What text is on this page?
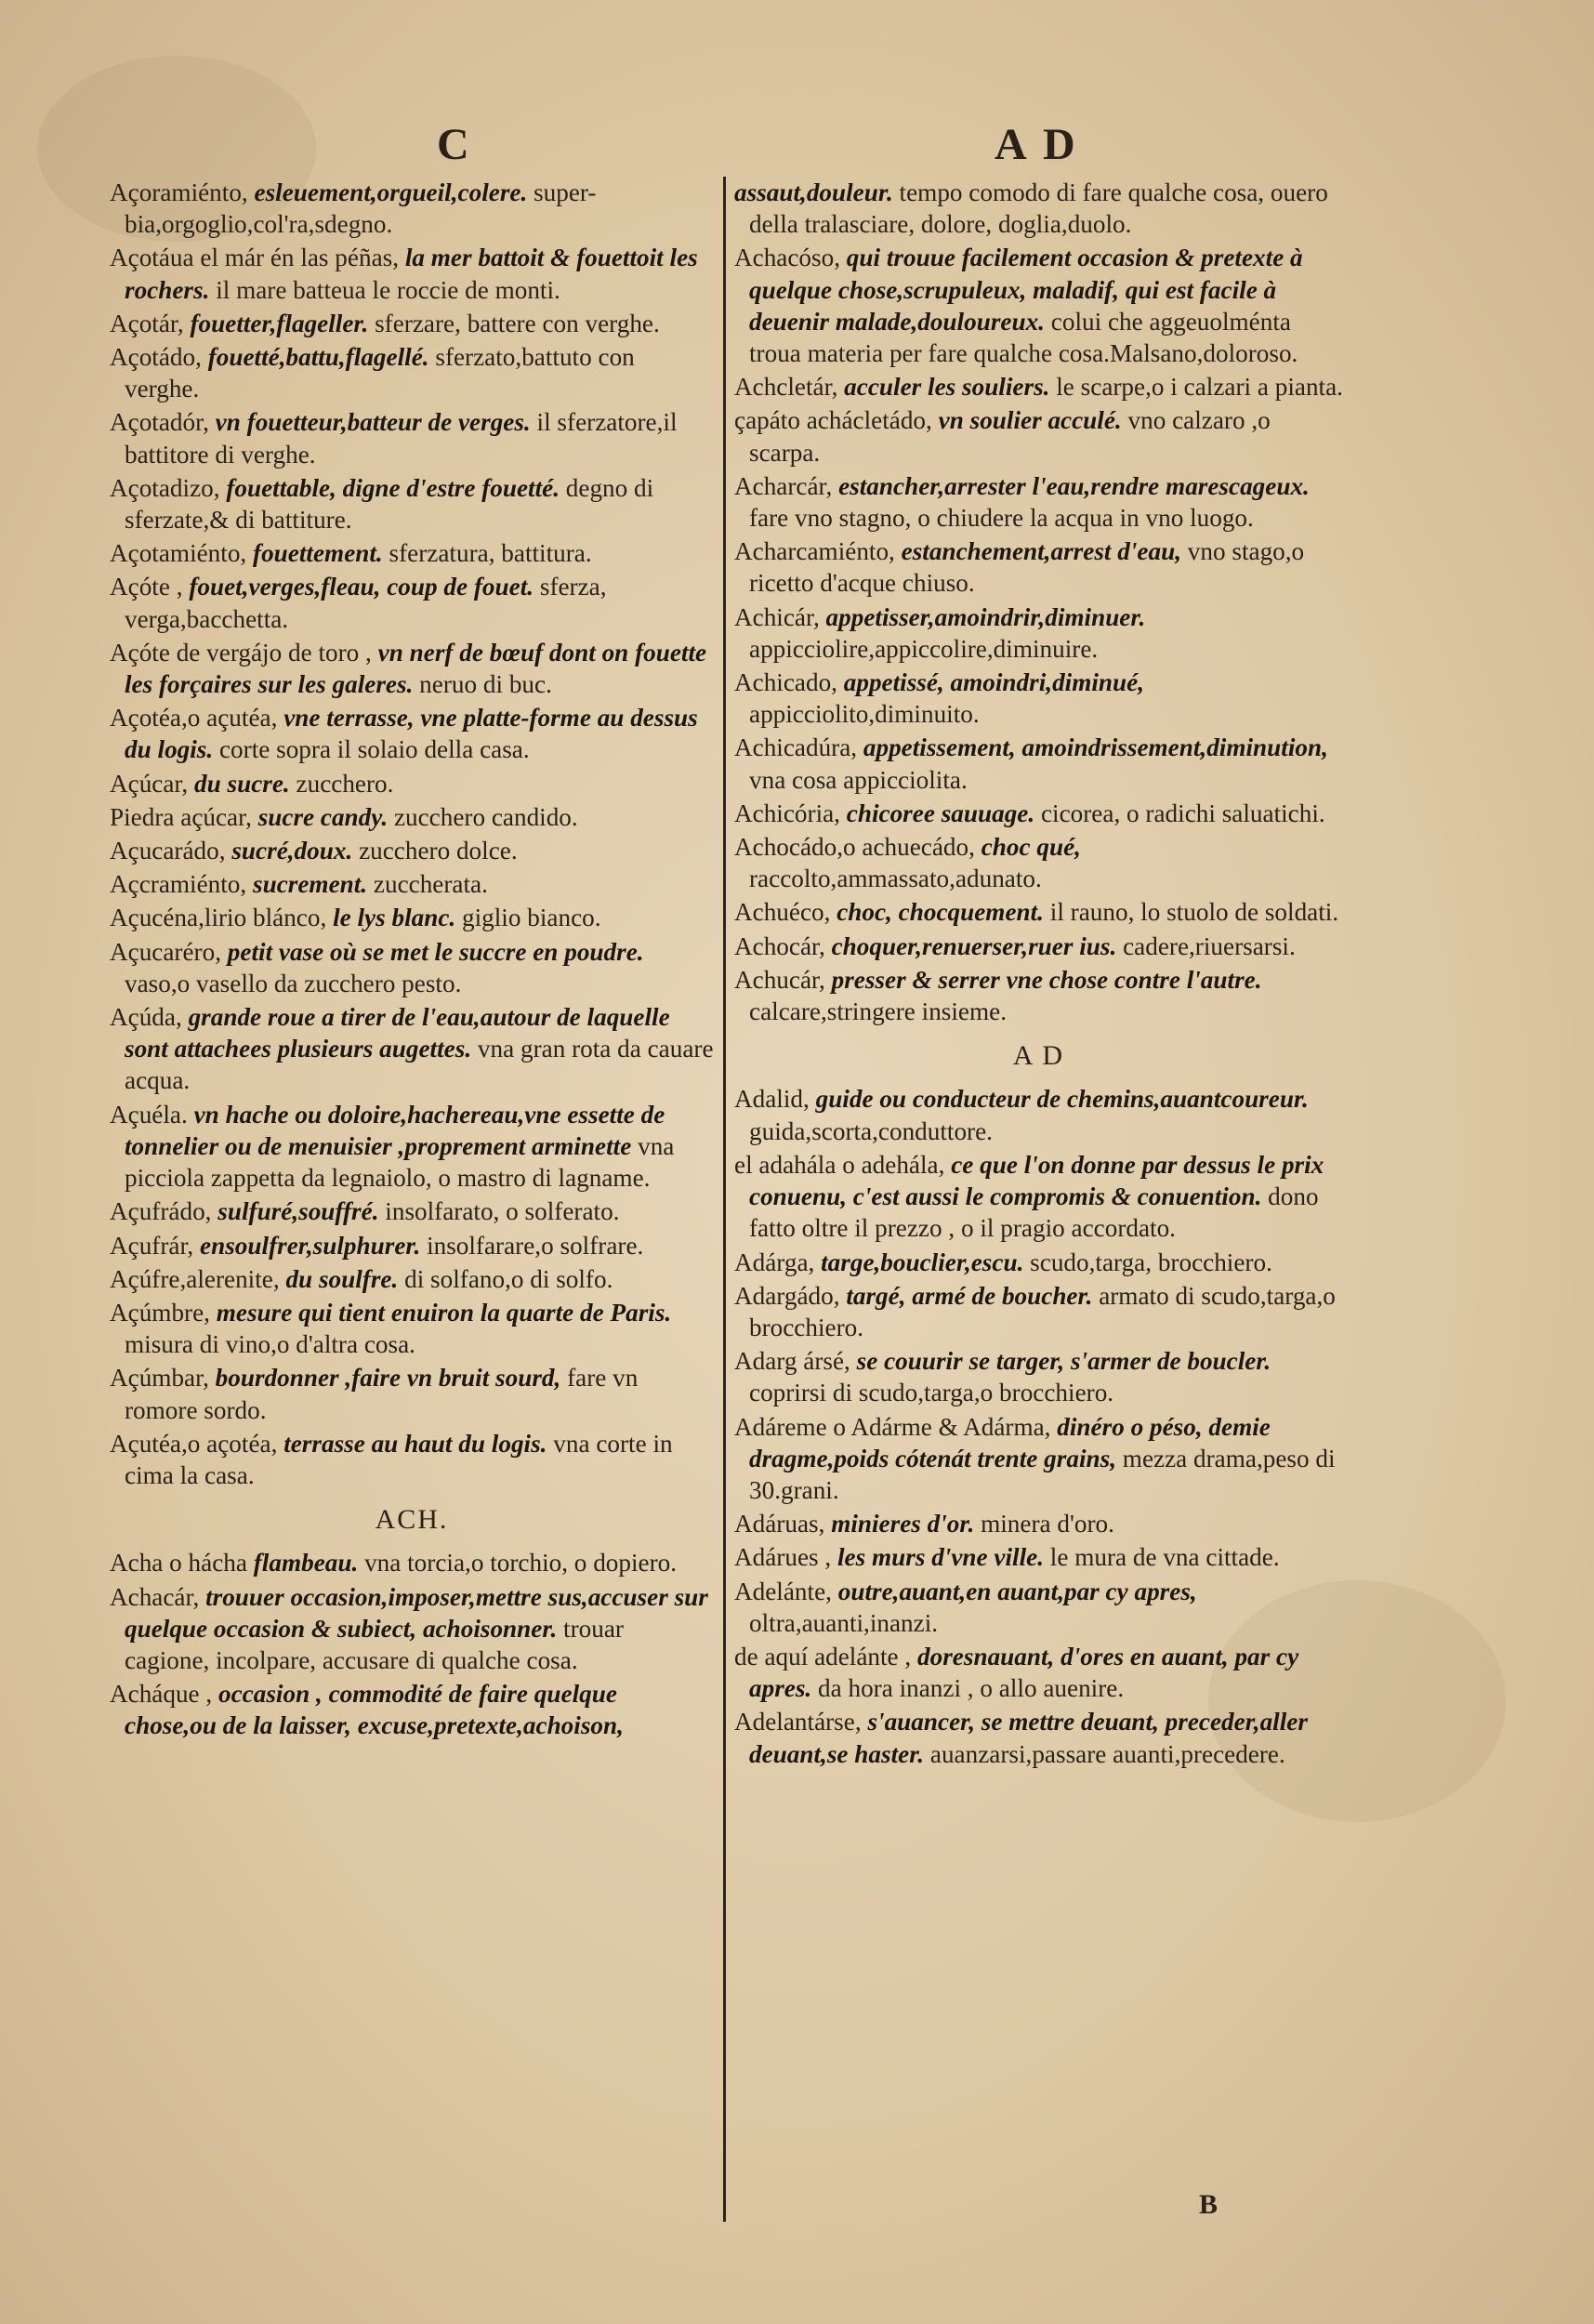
C	A D
Açoramiénto, esleuement,orgueil,colere. super-bia,orgoglio,col'ra,sdegno.
Açotáua el már én las péñas, la mer battoit & fouettoit les rochers. il mare batteua le roccie de monti.
Açotár, fouetter,flageller. sferzare, battere con verghe.
Açotádo, fouetté,battu,flagellé. sferzato,battuto con verghe.
Açotadór, vn fouetteur,batteur de verges. il sferzatore,il battitore di verghe.
Açotadizo, fouettable, digne d'estre fouetté. degno di sferzate,& di battiture.
Açotamiénto, fouettement. sferzatura, battitura.
Açóte , fouet,verges,fleau, coup de fouet. sferza, verga,bacchetta.
Açóte de vergájo de toro , vn nerf de bœuf dont on fouette les forçaires sur les galeres. neruo di buc.
Açotéa,o açutéa, vne terrasse, vne platte-forme au dessus du logis. corte sopra il solaio della casa.
Açúcar, du sucre. zucchero.
Piedra açúcar, sucre candy. zucchero candido.
Açucarádo, sucré,doux. zucchero dolce.
Açcramiénto, sucrement. zuccherata.
Açucéna,lirio blánco, le lys blanc. giglio bianco.
Açucaréro, petit vase où se met le succre en poudre. vaso,o vasello da zucchero pesto.
Açúda, grande roue a tirer de l'eau,autour de laquelle sont attachees plusieurs augettes. vna gran rota da cauare acqua.
Açuéla. vn hache ou doloire,hachereau,vne essette de tonnelier ou de menuisier ,proprement arminette vna picciola zappetta da legnaiolo, o mastro di lagname.
Açufrádo, sulfuré,souffré. insolfarato, o solferato.
Açufrár, ensoulfrer,sulphurer. insolfarare,o solfrare.
Açúfre,alerenite, du soulfre. di solfano,o di solfo.
Açúmbre, mesure qui tient enuiron la quarte de Paris. misura di vino,o d'altra cosa.
Açúmbar, bourdonner ,faire vn bruit sourd, fare vn romore sordo.
Açutéa,o açotéa, terrasse au haut du logis. vna corte in cima la casa.
ACH.
Acha o hácha flambeau. vna torcia,o torchio, o dopiero.
Achacár, trouuer occasion,imposer,mettre sus,accuser sur quelque occasion & subiect, achoisonner. trouar cagione, incolpare, accusare di qualche cosa.
Acháque , occasion , commodité de faire quelque chose,ou de la laisser, excuse,pretexte,achoison,
assaut,douleur. tempo comodo di fare qualche cosa, ouero della tralasciare, dolore, doglia,duolo.
Achacóso, qui trouue facilement occasion & pretexte à quelque chose,scrupuleux, maladif, qui est facile à deuenir malade,douloureux. colui che aggeuolménta troua materia per fare qualche cosa.Malsano,doloroso.
Achcletár, acculer les souliers. le scarpe,o i calzari a pianta.
çapáto achácletádo, vn soulier acculé. vno calzaro ,o scarpa.
Acharcár, estancher,arrester l'eau,rendre marescageux. fare vno stagno, o chiudere la acqua in vno luogo.
Acharcamiénto, estanchement,arrest d'eau, vno stago,o ricetto d'acque chiuso.
Achicár, appetisser,amoindrir,diminuer. appicciolire,appiccolire,diminuire.
Achicado, appetissé, amoindri,diminué, appicciolito,diminuito.
Achicadúra, appetissement, amoindrissement,diminution, vna cosa appicciolita.
Achicória, chicoree sauuage. cicorea, o radichi saluatichi.
Achocádo,o achuecádo, choc qué, raccolto,ammassato,adunato.
Achuéco, choc, chocquement. il rauno, lo stuolo de soldati.
Achocár, choquer,renuerser,ruer ius. cadere,riuersarsi.
Achucár, presser & serrer vne chose contre l'autre. calcare,stringere insieme.
A D
Adalid, guide ou conducteur de chemins,auantcoureur. guida,scorta,conduttore.
el adahála o adehála, ce que l'on donne par dessus le prix conuenu, c'est aussi le compromis & conuention. dono fatto oltre il prezzo , o il pragio accordato.
Adárga, targe,bouclier,escu. scudo,targa, brocchiero.
Adargádo, targé, armé de boucher. armato di scudo,targa,o brocchiero.
Adarg ársé, se couurir se targer, s'armer de boucler. coprirsi di scudo,targa,o brocchiero.
Adáreme o Adárme & Adárma, dinéro o péso, demie dragme,poids cótenát trente grains, mezza drama,peso di 30.grani.
Adáruas, minieres d'or. minera d'oro.
Adárues , les murs d'vne ville. le mura de vna cittade.
Adelánte, outre,auant,en auant,par cy apres, oltra,auanti,inanzi.
de aquí adelánte , doresnauant, d'ores en auant, par cy apres. da hora inanzi , o allo auenire.
Adelantárse, s'auancer, se mettre deuant, preceder,aller deuant,se haster. auanzarsi,passare auanti,precedere.
B
